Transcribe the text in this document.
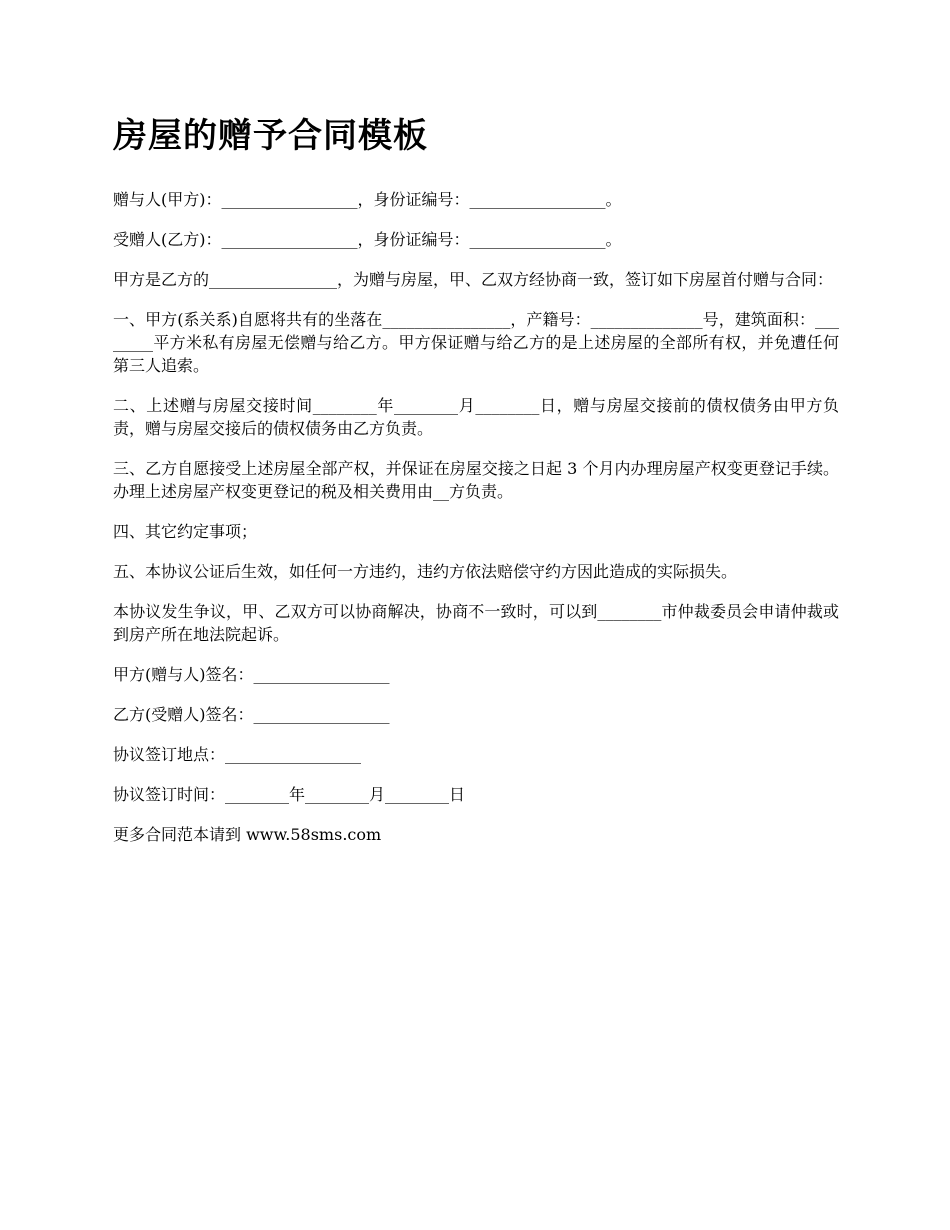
房屋的赠予合同模板

赠与人(甲方)：_________________，身份证编号：_________________。

受赠人(乙方)：_________________，身份证编号：_________________。

甲方是乙方的________________，为赠与房屋，甲、乙双方经协商一致，签订如下房屋首付赠与合同：

一、甲方(系关系)自愿将共有的坐落在________________，产籍号：______________号，建筑面积：________平方米私有房屋无偿赠与给乙方。甲方保证赠与给乙方的是上述房屋的全部所有权，并免遭任何第三人追索。

二、上述赠与房屋交接时间________年________月________日，赠与房屋交接前的债权债务由甲方负责，赠与房屋交接后的债权债务由乙方负责。

三、乙方自愿接受上述房屋全部产权，并保证在房屋交接之日起 3 个月内办理房屋产权变更登记手续。办理上述房屋产权变更登记的税及相关费用由__方负责。

四、其它约定事项；

五、本协议公证后生效，如任何一方违约，违约方依法赔偿守约方因此造成的实际损失。

本协议发生争议，甲、乙双方可以协商解决，协商不一致时，可以到________市仲裁委员会申请仲裁或到房产所在地法院起诉。

甲方(赠与人)签名：_________________

乙方(受赠人)签名：_________________

协议签订地点：_________________

协议签订时间：________年________月________日

更多合同范本请到 www.58sms.com
